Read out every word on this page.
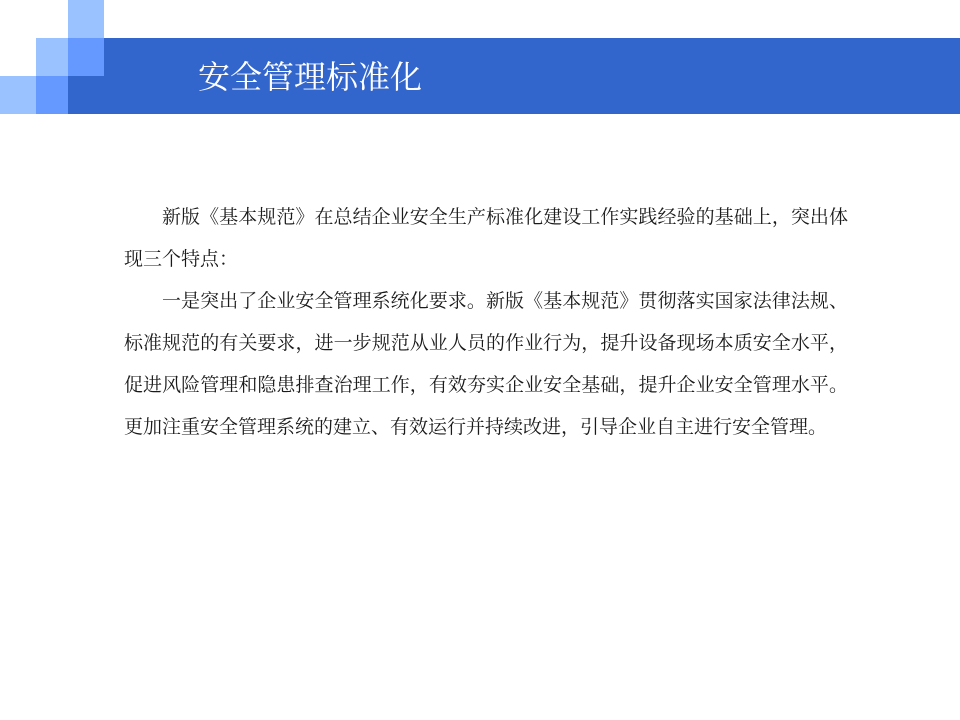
安全管理标准化

新版《基本规范》在总结企业安全生产标准化建设工作实践经验的基础上，突出体现三个特点：

一是突出了企业安全管理系统化要求。新版《基本规范》贯彻落实国家法律法规、标准规范的有关要求，进一步规范从业人员的作业行为，提升设备现场本质安全水平，促进风险管理和隐患排查治理工作，有效夯实企业安全基础，提升企业安全管理水平。更加注重安全管理系统的建立、有效运行并持续改进，引导企业自主进行安全管理。
